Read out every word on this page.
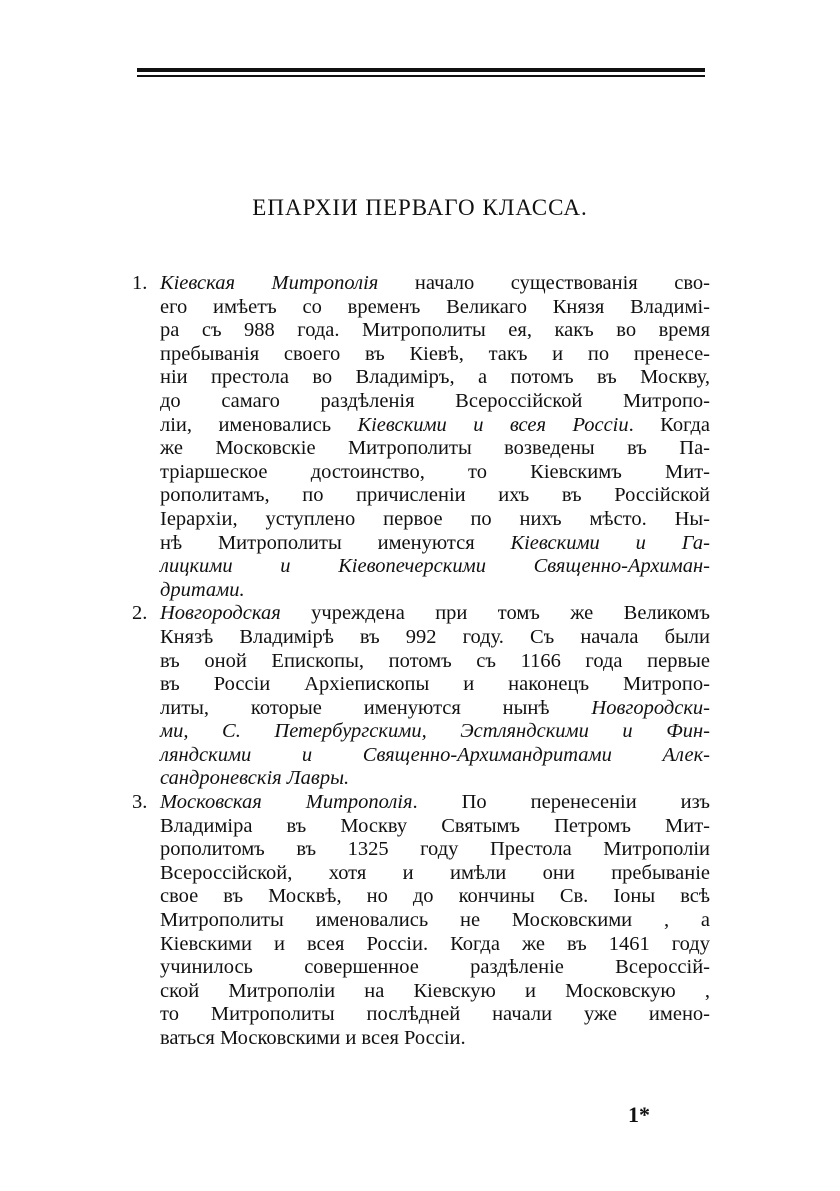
ЕПАРХІИ ПЕРВАГО КЛАССА.
1. Кіевская Митрополія начало существованія сво-
его имѣетъ со временъ Великаго Князя Владимі-
ра съ 988 года. Митрополиты ея, какъ во время
пребыванія своего въ Кіевѣ, такъ и по пренесе-
ніи престола во Владиміръ, а потомъ въ Москву,
до самаго раздѣленія Всероссійской Митропо-
ліи, именовались Кіевскими и всея Россіи. Когда
же Московскіе Митрополиты возведены въ Па-
тріаршеское достоинство, то Кіевскимъ Мит-
рополитамъ, по причисленіи ихъ въ Россійской
Іерархіи, уступлено первое по нихъ мѣсто. Ны-
нѣ Митрополиты именуются Кіевскими и Га-
лицкими и Кіевопечерскими Священно-Архиман-
дритами.
2. Новгородская учреждена при томъ же Великомъ
Князѣ Владимірѣ въ 992 году. Съ начала были
въ оной Епископы, потомъ съ 1166 года первые
въ Россіи Архіепископы и наконецъ Митропо-
литы, которые именуются нынѣ Новгородски-
ми, С. Петербургскими, Эстляндскими и Фин-
ляндскими и Священно-Архимандритами Алек-
сандроневскія Лавры.
3. Московская Митрополія. По перенесеніи изъ
Владиміра въ Москву Святымъ Петромъ Мит-
рополитомъ въ 1325 году Престола Митрополіи
Всероссійской, хотя и имѣли они пребываніе
свое въ Москвѣ, но до кончины Св. Іоны всѣ
Митрополиты именовались не Московскими , а
Кіевскими и всея Россіи. Когда же въ 1461 году
учинилось совершенное раздѣленіе Всероссій-
ской Митрополіи на Кіевскую и Московскую ,
то Митрополиты послѣдней начали уже имено-
ваться Московскими и всея Россіи.
1*
